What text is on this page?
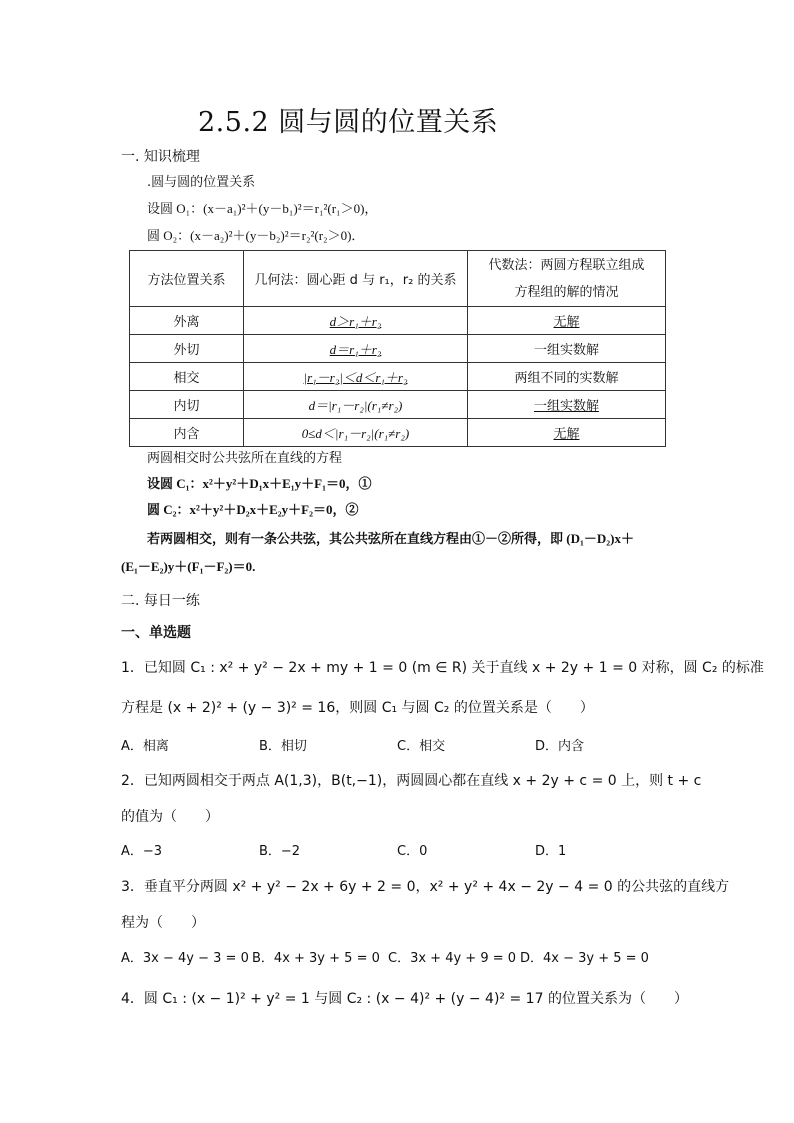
2.5.2 圆与圆的位置关系
一. 知识梳理
.圆与圆的位置关系
设圆 O₁：(x－a₁)²＋(y－b₁)²＝r₁²(r₁＞0)，
圆 O₂：(x－a₂)²＋(y－b₂)²＝r₂²(r₂＞0)．
方法位置关系	几何法：圆心距 d 与 r₁，r₂ 的关系	代数法：两圆方程联立组成
方程组的解的情况

外离	d＞r₁＋r₂	无解
外切	d＝r₁＋r₂	一组实数解
相交	|r₁－r₂|＜d＜r₁＋r₂	两组不同的实数解
内切	d＝|r₁－r₂|(r₁≠r₂)	一组实数解
内含	0≤d＜|r₁－r₂|(r₁≠r₂)	无解
两圆相交时公共弦所在直线的方程
设圆 C₁：x²＋y²＋D₁x＋E₁y＋F₁＝0，①
圆 C₂：x²＋y²＋D₂x＋E₂y＋F₂＝0，②
若两圆相交，则有一条公共弦，其公共弦所在直线方程由①－②所得，即 (D₁－D₂)x＋
(E₁－E₂)y＋(F₁－F₂)＝0.
二. 每日一练
一、单选题
1．已知圆 C₁ : x² + y² − 2x + my + 1 = 0 (m ∈ R) 关于直线 x + 2y + 1 = 0 对称，圆 C₂ 的标准
方程是 (x + 2)² + (y − 3)² = 16，则圆 C₁ 与圆 C₂ 的位置关系是（　　）
A．相离	B．相切	C．相交	D．内含
2．已知两圆相交于两点 A(1,3)，B(t,−1)，两圆圆心都在直线 x + 2y + c = 0 上，则 t + c
的值为（　　）
A．−3	B．−2	C．0	D．1
3．垂直平分两圆 x² + y² − 2x + 6y + 2 = 0，x² + y² + 4x − 2y − 4 = 0 的公共弦的直线方
程为（　　）
A．3x − 4y − 3 = 0 B．4x + 3y + 5 = 0 C．3x + 4y + 9 = 0 D．4x − 3y + 5 = 0
4．圆 C₁ : (x − 1)² + y² = 1 与圆 C₂ : (x − 4)² + (y − 4)² = 17 的位置关系为（　　）
